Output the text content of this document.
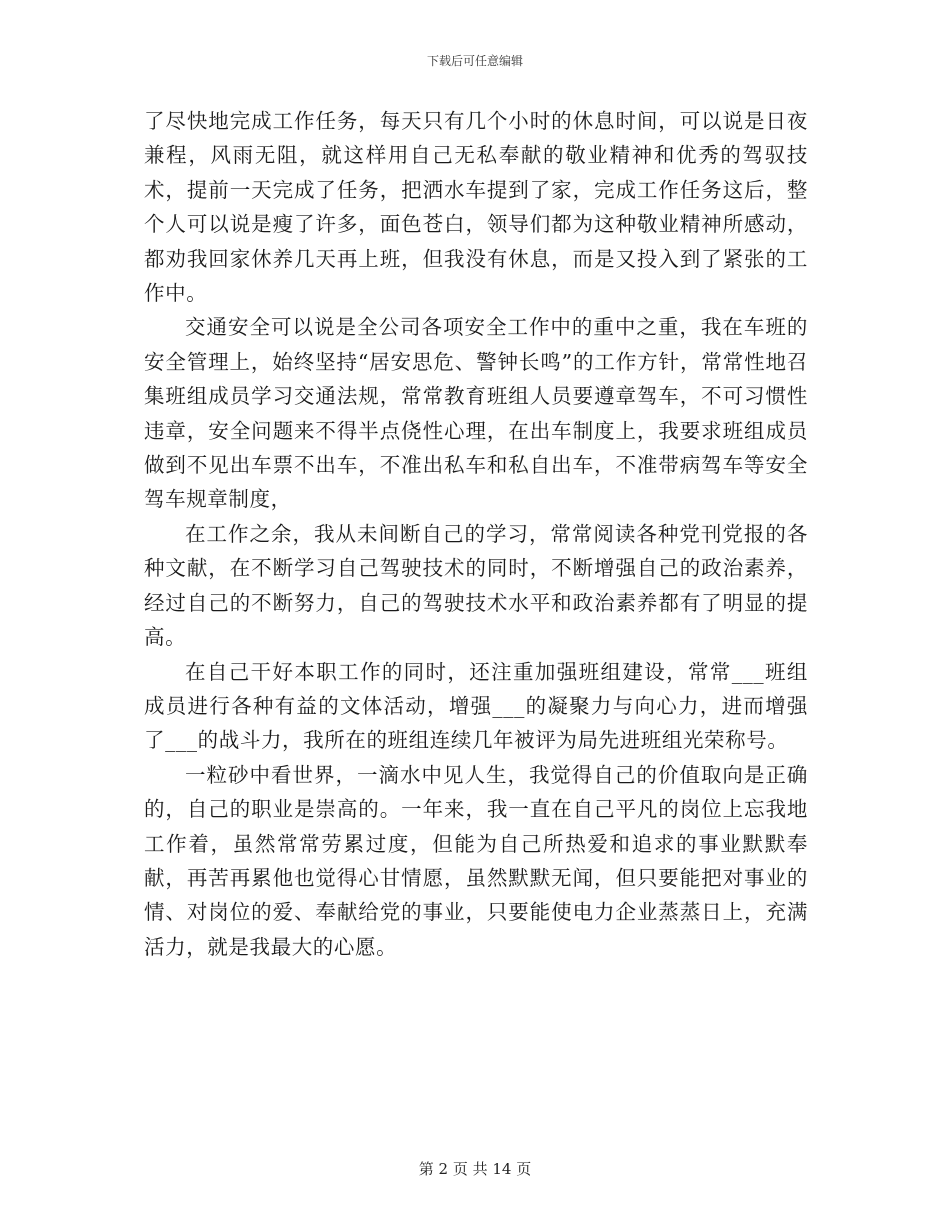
下载后可任意编辑

了尽快地完成工作任务，每天只有几个小时的休息时间，可以说是日夜兼程，风雨无阻，就这样用自己无私奉献的敬业精神和优秀的驾驭技术，提前一天完成了任务，把洒水车提到了家，完成工作任务这后，整个人可以说是瘦了许多，面色苍白，领导们都为这种敬业精神所感动，都劝我回家休养几天再上班，但我没有休息，而是又投入到了紧张的工作中。

交通安全可以说是全公司各项安全工作中的重中之重，我在车班的安全管理上，始终坚持“居安思危、警钟长鸣”的工作方针，常常性地召集班组成员学习交通法规，常常教育班组人员要遵章驾车，不可习惯性违章，安全问题来不得半点侥性心理，在出车制度上，我要求班组成员做到不见出车票不出车，不准出私车和私自出车，不准带病驾车等安全驾车规章制度，

在工作之余，我从未间断自己的学习，常常阅读各种党刊党报的各种文献，在不断学习自己驾驶技术的同时，不断增强自己的政治素养，经过自己的不断努力，自己的驾驶技术水平和政治素养都有了明显的提高。

在自己干好本职工作的同时，还注重加强班组建设，常常___班组成员进行各种有益的文体活动，增强___的凝聚力与向心力，进而增强了___的战斗力，我所在的班组连续几年被评为局先进班组光荣称号。

一粒砂中看世界，一滴水中见人生，我觉得自己的价值取向是正确的，自己的职业是崇高的。一年来，我一直在自己平凡的岗位上忘我地工作着，虽然常常劳累过度，但能为自己所热爱和追求的事业默默奉献，再苦再累他也觉得心甘情愿，虽然默默无闻，但只要能把对事业的情、对岗位的爱、奉献给党的事业，只要能使电力企业蒸蒸日上，充满活力，就是我最大的心愿。

第 2 页 共 14 页
